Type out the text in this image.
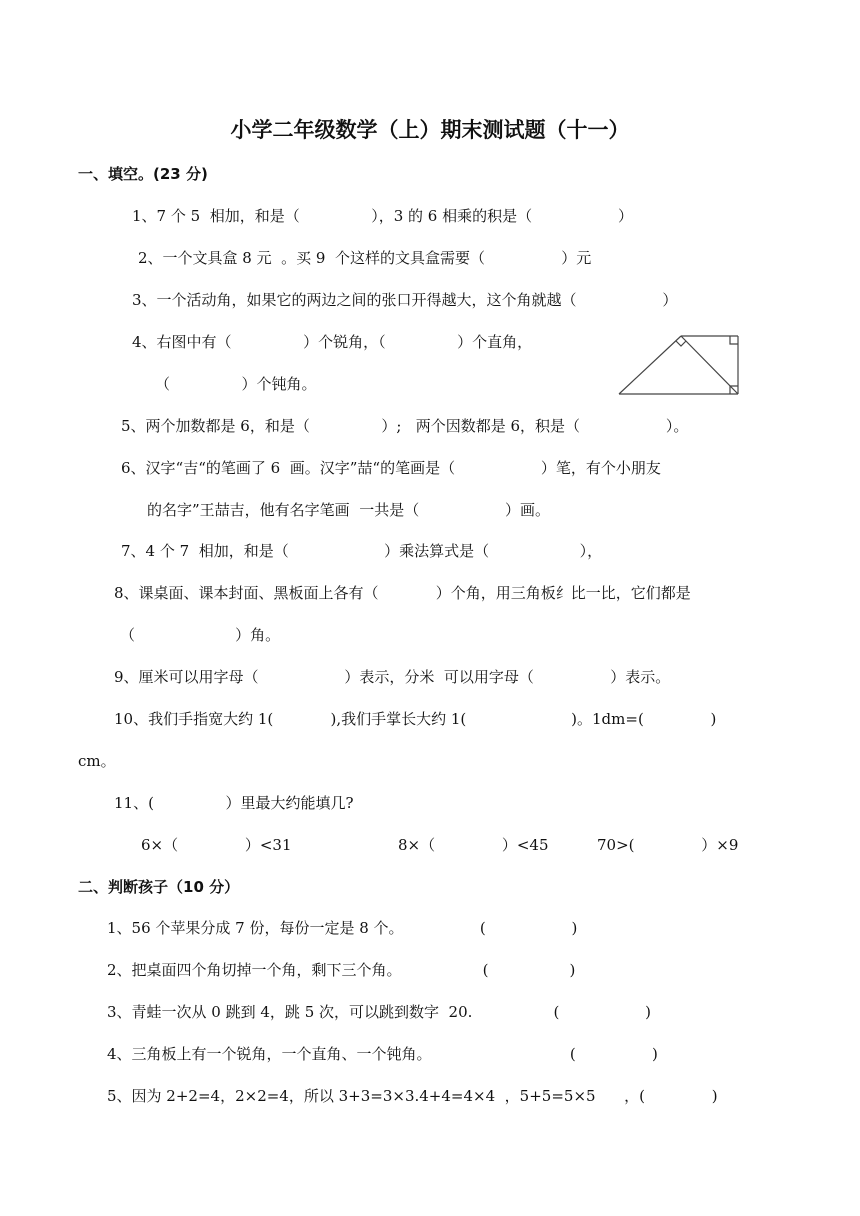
小学二年级数学（上）期末测试题（十一）
一、填空。(23 分)
1、7 个 5  相加，和是（               ），3 的 6 相乘的积是（                  ）
2、一个文具盒 8 元  。买 9  个这样的文具盒需要（                ）元
3、一个活动角，如果它的两边之间的张口开得越大，这个角就越（                  ）
4、右图中有（               ）个锐角，（               ）个直角，
（               ）个钝角。
5、两个加数都是 6，和是（               ）;   两个因数都是 6，积是（                  ）。
6、汉字“吉“的笔画了 6  画。汉字”喆“的笔画是（                  ）笔，有个小朋友
的名字”王喆吉，他有名字笔画  一共是（                  ）画。
7、4 个 7  相加，和是（                    ）乘法算式是（                   ），
8、课桌面、课本封面、黑板面上各有（            ）个角，用三角板纟比一比，它们都是
（                     ）角。
9、厘米可以用字母（                  ）表示，分米  可以用字母（                ）表示。
10、我们手指宽大约 1(            ),我们手掌长大约 1(                      )。1dm=(              )
cm。
11、(               ）里最大约能填几?
6×（              ）<31	8×（              ）<45	70>(              ）×9
二、判断孩子（10 分）
1、56 个苹果分成 7 份，每份一定是 8 个。                (                  )
2、把桌面四个角切掉一个角，剩下三个角。                 (                 )
3、青蛙一次从 0 跳到 4，跳 5 次，可以跳到数字  20.                 (                  )
4、三角板上有一个锐角，一个直角、一个钝角。                             (                )
5、因为 2+2=4，2×2=4，所以 3+3=3×3.4+4=4×4  ，5+5=5×5      ，(              )
